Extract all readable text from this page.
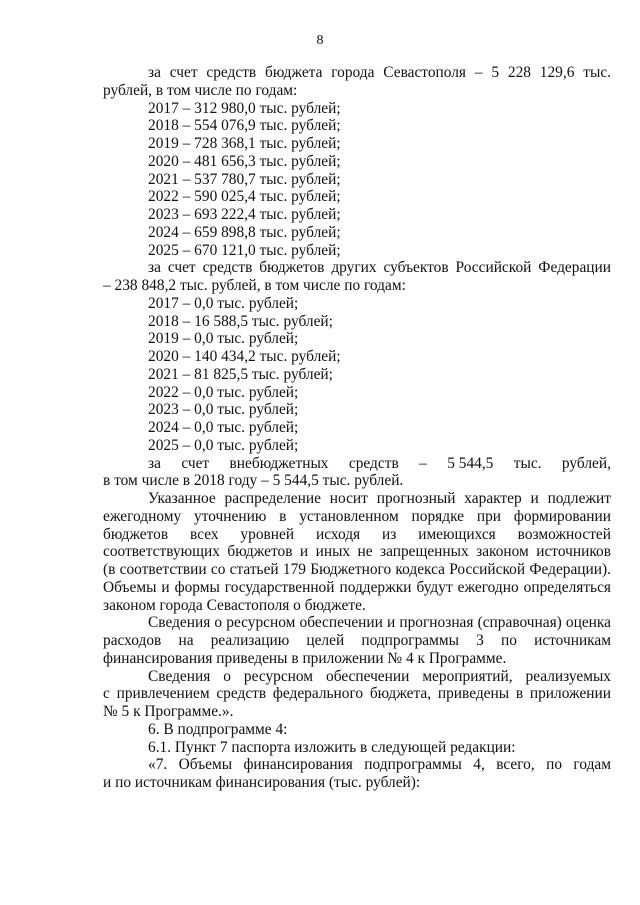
8

за счет средств бюджета города Севастополя – 5 228 129,6 тыс.

рублей, в том числе по годам:

2017 – 312 980,0 тыс. рублей;

2018 – 554 076,9 тыс. рублей;

2019 – 728 368,1 тыс. рублей;

2020 – 481 656,3 тыс. рублей;

2021 – 537 780,7 тыс. рублей;

2022 – 590 025,4 тыс. рублей;

2023 – 693 222,4 тыс. рублей;

2024 – 659 898,8 тыс. рублей;

2025 – 670 121,0 тыс. рублей;

за счет средств бюджетов других субъектов Российской Федерации

– 238 848,2 тыс. рублей, в том числе по годам:

2017 – 0,0 тыс. рублей;

2018 – 16 588,5 тыс. рублей;

2019 – 0,0 тыс. рублей;

2020 – 140 434,2 тыс. рублей;

2021 – 81 825,5 тыс. рублей;

2022 – 0,0 тыс. рублей;

2023 – 0,0 тыс. рублей;

2024 – 0,0 тыс. рублей;

2025 – 0,0 тыс. рублей;

за счет внебюджетных средств – 5 544,5 тыс. рублей,

в том числе в 2018 году – 5 544,5 тыс. рублей.

Указанное распределение носит прогнозный характер и подлежит

ежегодному уточнению в установленном порядке при формировании

бюджетов всех уровней исходя из имеющихся возможностей

соответствующих бюджетов и иных не запрещенных законом источников

(в соответствии со статьей 179 Бюджетного кодекса Российской Федерации).

Объемы и формы государственной поддержки будут ежегодно определяться

законом города Севастополя о бюджете.

Сведения о ресурсном обеспечении и прогнозная (справочная) оценка

расходов на реализацию целей подпрограммы 3 по источникам

финансирования приведены в приложении № 4 к Программе.

Сведения о ресурсном обеспечении мероприятий, реализуемых

с привлечением средств федерального бюджета, приведены в приложении

№ 5 к Программе.».

6. В подпрограмме 4:

6.1. Пункт 7 паспорта изложить в следующей редакции:

«7. Объемы финансирования подпрограммы 4, всего, по годам

и по источникам финансирования (тыс. рублей):
